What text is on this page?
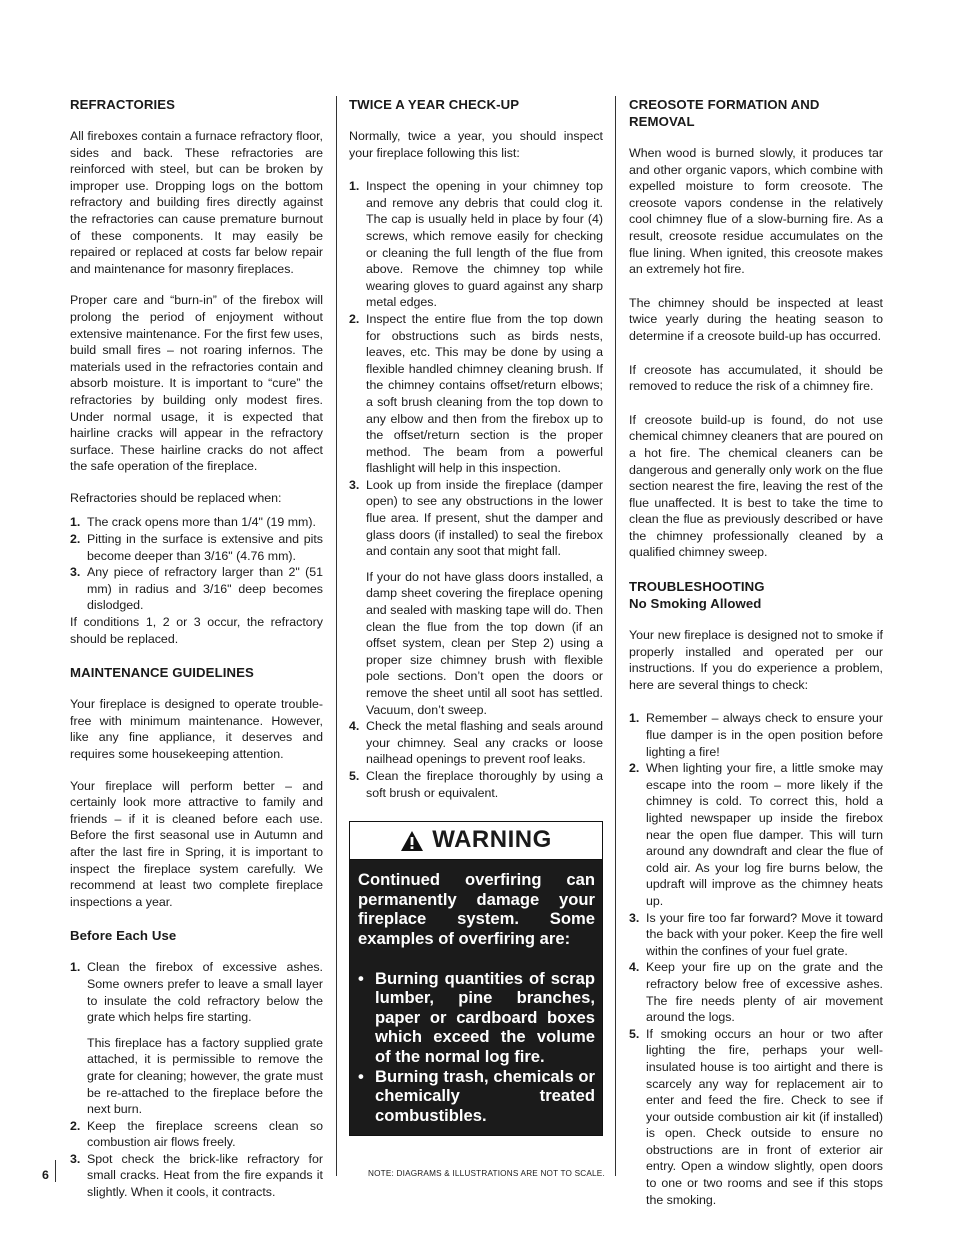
REFRACTORIES

All fireboxes contain a furnace refractory floor, sides and back. These refractories are reinforced with steel, but can be broken by improper use. Dropping logs on the bottom refractory and building fires directly against the refractories can cause premature burnout of these components. It may easily be repaired or replaced at costs far below repair and maintenance for masonry fireplaces.

Proper care and “burn-in” of the firebox will prolong the period of enjoyment without extensive maintenance. For the first few uses, build small fires – not roaring infernos. The materials used in the refractories contain and absorb moisture. It is important to “cure” the refractories by building only modest fires. Under normal usage, it is expected that hairline cracks will appear in the refractory surface. These hairline cracks do not affect the safe operation of the fireplace.

Refractories should be replaced when:

1. The crack opens more than 1/4" (19 mm).
2. Pitting in the surface is extensive and pits become deeper than 3/16" (4.76 mm).
3. Any piece of refractory larger than 2" (51 mm) in radius and 3/16" deep becomes dislodged.

If conditions 1, 2 or 3 occur, the refractory should be replaced.

MAINTENANCE GUIDELINES

Your fireplace is designed to operate trouble-free with minimum maintenance. However, like any fine appliance, it deserves and requires some housekeeping attention.

Your fireplace will perform better – and certainly look more attractive to family and friends – if it is cleaned before each use. Before the first seasonal use in Autumn and after the last fire in Spring, it is important to inspect the fireplace system carefully. We recommend at least two complete fireplace inspections a year.

Before Each Use
1. Clean the firebox of excessive ashes. Some owners prefer to leave a small layer to insulate the cold refractory below the grate which helps fire starting.
This fireplace has a factory supplied grate attached, it is permissible to remove the grate for cleaning; however, the grate must be re-attached to the fireplace before the next burn.
2. Keep the fireplace screens clean so combustion air flows freely.
3. Spot check the brick-like refractory for small cracks. Heat from the fire expands it slightly. When it cools, it contracts.
TWICE A YEAR CHECK-UP

Normally, twice a year, you should inspect your fireplace following this list:

1. Inspect the opening in your chimney top and remove any debris that could clog it. The cap is usually held in place by four (4) screws, which remove easily for checking or cleaning the full length of the flue from above. Remove the chimney top while wearing gloves to guard against any sharp metal edges.
2. Inspect the entire flue from the top down for obstructions such as birds nests, leaves, etc. This may be done by using a flexible handled chimney cleaning brush. If the chimney contains offset/return elbows; a soft brush cleaning from the top down to any elbow and then from the firebox up to the offset/return section is the proper method. The beam from a powerful flashlight will help in this inspection.
3. Look up from inside the fireplace (damper open) to see any obstructions in the lower flue area. If present, shut the damper and glass doors (if installed) to seal the firebox and contain any soot that might fall.
If your do not have glass doors installed, a damp sheet covering the fireplace opening and sealed with masking tape will do. Then clean the flue from the top down (if an offset system, clean per Step 2) using a proper size chimney brush with flexible pole sections. Don’t open the doors or remove the sheet until all soot has settled. Vacuum, don’t sweep.
4. Check the metal flashing and seals around your chimney. Seal any cracks or loose nailhead openings to prevent roof leaks.
5. Clean the fireplace thoroughly by using a soft brush or equivalent.
WARNING

Continued overfiring can permanently damage your fireplace system. Some examples of overfiring are:

• Burning quantities of scrap lumber, pine branches, paper or cardboard boxes which exceed the volume of the normal log fire.
• Burning trash, chemicals or chemically treated combustibles.
CREOSOTE FORMATION AND REMOVAL

When wood is burned slowly, it produces tar and other organic vapors, which combine with expelled moisture to form creosote. The creosote vapors condense in the relatively cool chimney flue of a slow-burning fire. As a result, creosote residue accumulates on the flue lining. When ignited, this creosote makes an extremely hot fire.

The chimney should be inspected at least twice yearly during the heating season to determine if a creosote build-up has occurred.

If creosote has accumulated, it should be removed to reduce the risk of a chimney fire.

If creosote build-up is found, do not use chemical chimney cleaners that are poured on a hot fire. The chemical cleaners can be dangerous and generally only work on the flue section nearest the fire, leaving the rest of the flue unaffected. It is best to take the time to clean the flue as previously described or have the chimney professionally cleaned by a qualified chimney sweep.

TROUBLESHOOTING
No Smoking Allowed

Your new fireplace is designed not to smoke if properly installed and operated per our instructions. If you do experience a problem, here are several things to check:

1. Remember – always check to ensure your flue damper is in the open position before lighting a fire!
2. When lighting your fire, a little smoke may escape into the room – more likely if the chimney is cold. To correct this, hold a lighted newspaper up inside the firebox near the open flue damper. This will turn around any downdraft and clear the flue of cold air. As your log fire burns below, the updraft will improve as the chimney heats up.
3. Is your fire too far forward? Move it toward the back with your poker. Keep the fire well within the confines of your fuel grate.
4. Keep your fire up on the grate and the refractory below free of excessive ashes. The fire needs plenty of air movement around the logs.
5. If smoking occurs an hour or two after lighting the fire, perhaps your well-insulated house is too airtight and there is scarcely any way for replacement air to enter and feed the fire. Check to see if your outside combustion air kit (if installed) is open. Check outside to ensure no obstructions are in front of exterior air entry. Open a window slightly, open doors to one or two rooms and see if this stops the smoking.
6	NOTE: DIAGRAMS & ILLUSTRATIONS ARE NOT TO SCALE.
